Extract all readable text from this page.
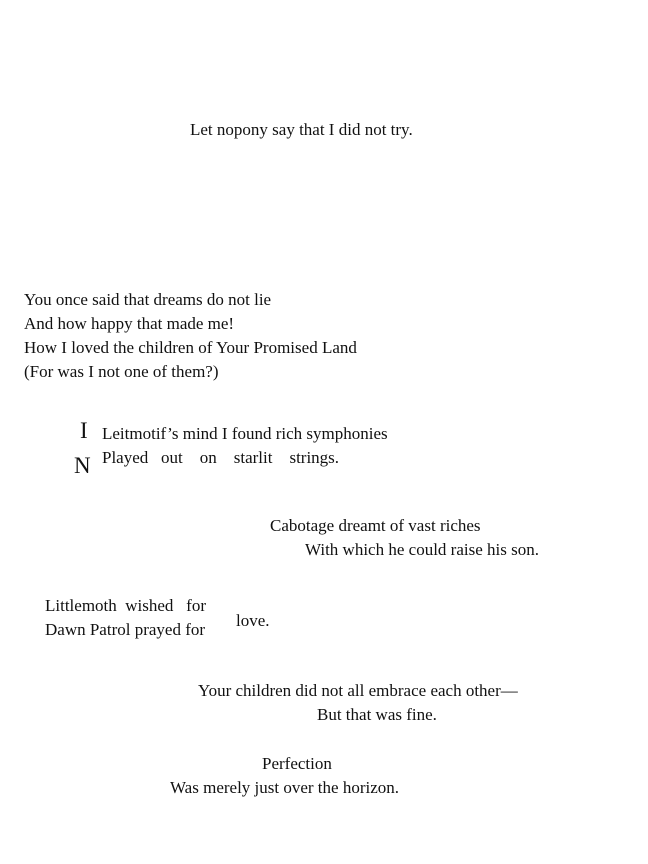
Let nopony say that I did not try.
You once said that dreams do not lie
And how happy that made me!
How I loved the children of Your Promised Land
(For was I not one of them?)
I
N
Leitmotif’s mind I found rich symphonies
Played   out    on    starlit    strings.
Cabotage dreamt of vast riches
With which he could raise his son.
Littlemoth  wished   for
Dawn Patrol prayed for love.
Your children did not all embrace each other—
But that was fine.
Perfection
Was merely just over the horizon.
